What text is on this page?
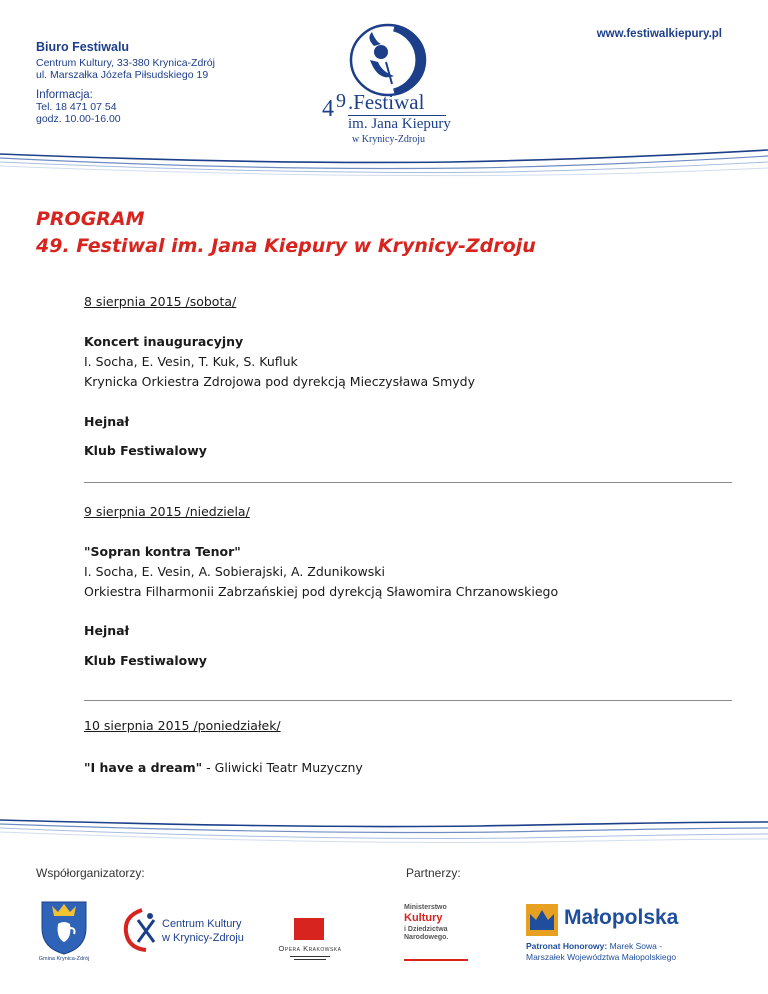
Biuro Festiwalu
Centrum Kultury, 33-380 Krynica-Zdrój
ul. Marszałka Józefa Piłsudskiego 19
Informacja:
Tel. 18 471 07 54
godz. 10.00-16.00
www.festiwalkiepury.pl
4 9 .Festiwal
im. Jana Kiepury
w Krynicy-Zdroju
PROGRAM
49. Festiwal im. Jana Kiepury w Krynicy-Zdroju
8 sierpnia 2015 /sobota/
Koncert inauguracyjny
I. Socha, E. Vesin, T. Kuk, S. Kufluk
Krynicka Orkiestra Zdrojowa pod dyrekcją Mieczysława Smydy
Hejnał
Klub Festiwalowy
9 sierpnia 2015 /niedziela/
"Sopran kontra Tenor"
I. Socha, E. Vesin, A. Sobierajski, A. Zdunikowski
Orkiestra Filharmonii Zabrzańskiej pod dyrekcją Sławomira Chrzanowskiego
Hejnał
Klub Festiwalowy
10 sierpnia 2015 /poniedziałek/
"I have a dream" - Gliwicki Teatr Muzyczny
Współorganizatorzy:	Partnerzy:
Gmina Krynica-Zdrój
Centrum Kultury
w Krynicy-Zdroju
Opera Krakowska
Ministerstwo
Kultury
i Dziedzictwa
Narodowego.
Małopolska
Patronat Honorowy: Marek Sowa -
Marszałek Województwa Małopolskiego
